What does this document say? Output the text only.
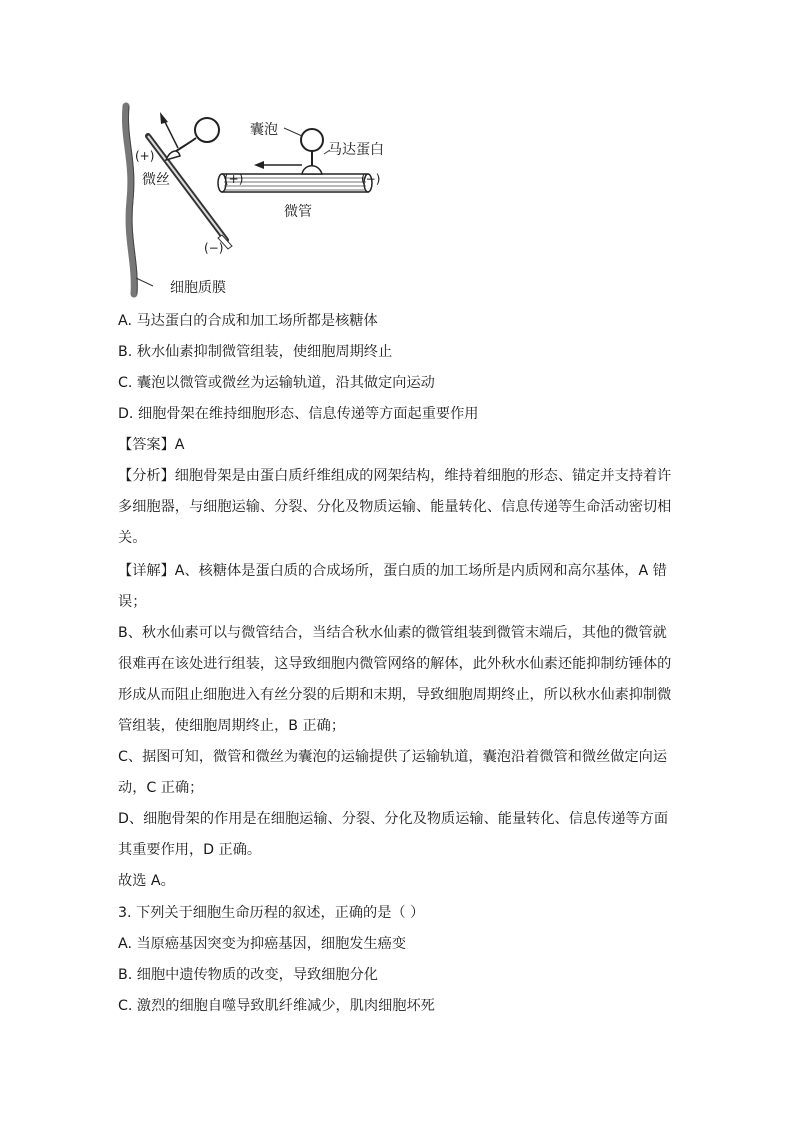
囊泡
马达蛋白
(+)
微丝	(+)	(−)
微管
(−)
细胞质膜
A. 马达蛋白的合成和加工场所都是核糖体
B. 秋水仙素抑制微管组装，使细胞周期终止
C. 囊泡以微管或微丝为运输轨道，沿其做定向运动
D. 细胞骨架在维持细胞形态、信息传递等方面起重要作用
【答案】A
【分析】细胞骨架是由蛋白质纤维组成的网架结构，维持着细胞的形态、锚定并支持着许
多细胞器，与细胞运输、分裂、分化及物质运输、能量转化、信息传递等生命活动密切相
关。
【详解】A、核糖体是蛋白质的合成场所，蛋白质的加工场所是内质网和高尔基体，A 错
误；
B、秋水仙素可以与微管结合，当结合秋水仙素的微管组装到微管末端后，其他的微管就
很难再在该处进行组装，这导致细胞内微管网络的解体，此外秋水仙素还能抑制纺锤体的
形成从而阻止细胞进入有丝分裂的后期和末期，导致细胞周期终止，所以秋水仙素抑制微
管组装，使细胞周期终止，B 正确；
C、据图可知，微管和微丝为囊泡的运输提供了运输轨道，囊泡沿着微管和微丝做定向运
动，C 正确；
D、细胞骨架的作用是在细胞运输、分裂、分化及物质运输、能量转化、信息传递等方面
其重要作用，D 正确。
故选 A。
3. 下列关于细胞生命历程的叙述，正确的是（ ）
A. 当原癌基因突变为抑癌基因，细胞发生癌变
B. 细胞中遗传物质的改变，导致细胞分化
C. 激烈的细胞自噬导致肌纤维减少，肌肉细胞坏死
